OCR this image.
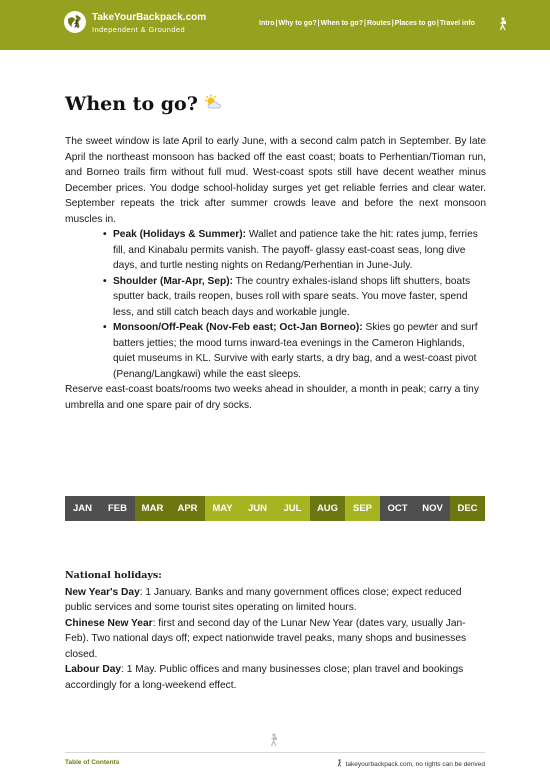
TakeYourBackpack.com
Independent & Grounded
Intro | Why to go? | When to go? | Routes | Places to go | Travel info
When to go?

The sweet window is late April to early June, with a second calm patch in September. By late April the northeast monsoon has backed off the east coast; boats to Perhentian/Tioman run, and Borneo trails firm without full mud. West-coast spots still have decent weather minus December prices. You dodge school-holiday surges yet get reliable ferries and clear water. September repeats the trick after summer crowds leave and before the next monsoon muscles in.

• Peak (Holidays & Summer): Wallet and patience take the hit: rates jump, ferries fill, and Kinabalu permits vanish. The payoff- glassy east-coast seas, long dive days, and turtle nesting nights on Redang/Perhentian in June-July.
• Shoulder (Mar-Apr, Sep): The country exhales-island shops lift shutters, boats sputter back, trails reopen, buses roll with spare seats. You move faster, spend less, and still catch beach days and workable jungle.
• Monsoon/Off-Peak (Nov-Feb east; Oct-Jan Borneo): Skies go pewter and surf batters jetties; the mood turns inward-tea evenings in the Cameron Highlands, quiet museums in KL. Survive with early starts, a dry bag, and a west-coast pivot (Penang/Langkawi) while the east sleeps.

Reserve east-coast boats/rooms two weeks ahead in shoulder, a month in peak; carry a tiny umbrella and one spare pair of dry socks.

JAN	FEB	MAR	APR	MAY	JUN	JUL	AUG	SEP	OCT	NOV	DEC
National holidays:

New Year's Day: 1 January. Banks and many government offices close; expect reduced public services and some tourist sites operating on limited hours.

Chinese New Year: first and second day of the Lunar New Year (dates vary, usually Jan-Feb). Two national days off; expect nationwide travel peaks, many shops and businesses closed.

Labour Day: 1 May. Public offices and many businesses close; plan travel and bookings accordingly for a long-weekend effect.

Table of Contents	takeyourbackpack.com, no rights can be derived
